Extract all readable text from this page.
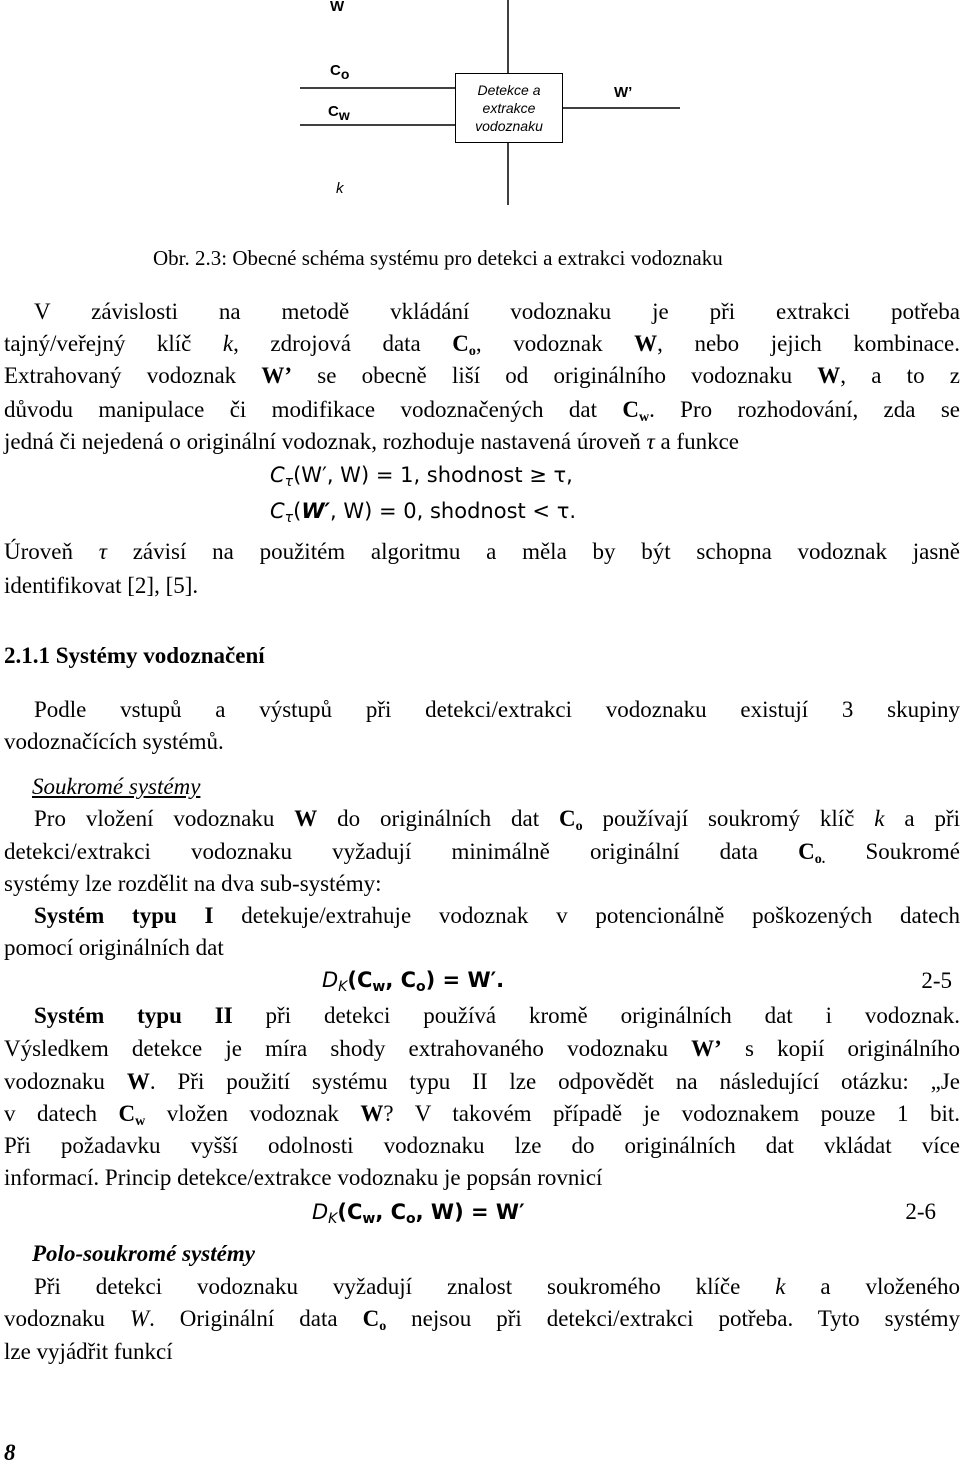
W
$C_o$
$C_w$
k
Detekce a
extrakce
vodoznaku
W’
Obr. 2.3: Obecné schéma systému pro detekci a extrakci vodoznaku
V závislosti na metodě vkládání vodoznaku je při extrakci potřeba
tajný/veřejný klíč k, zdrojová data $C_o$, vodoznak W, nebo jejich kombinace.
Extrahovaný vodoznak W’ se obecně liší od originálního vodoznaku W, a to z
důvodu manipulace či modifikace vodoznačených dat $C_w$. Pro rozhodování, zda se
jedná či nejedená o originální vodoznak, rozhoduje nastavená úroveň τ a funkce
$C_\tau(W'$, W) = 1, shodnost ≥ τ,
$C_\tau(W'$, W) = 0, shodnost < τ.
Úroveň τ závisí na použitém algoritmu a měla by být schopna vodoznak jasně
identifikovat [2], [5].
2.1.1 Systémy vodoznačení
Podle vstupů a výstupů při detekci/extrakci vodoznaku existují 3 skupiny
vodoznačících systémů.
Soukromé systémy
Pro vložení vodoznaku W do originálních dat $C_o$ používají soukromý klíč k a při
detekci/extrakci vodoznaku vyžadují minimálně originální data $C_{o.}$ Soukromé
systémy lze rozdělit na dva sub-systémy:
Systém typu I detekuje/extrahuje vodoznak v potencionálně poškozených datech
pomocí originálních dat
$D_K(C_w$, $C_o) = W'$.	2-5
Systém typu II při detekci používá kromě originálních dat i vodoznak.
Výsledkem detekce je míra shody extrahovaného vodoznaku W’ s kopií originálního
vodoznaku W. Při použití systému typu II lze odpovědět na následující otázku: „Je
v datech $C_w$ vložen vodoznak W? V takovém případě je vodoznakem pouze 1 bit.
Při požadavku vyšší odolnosti vodoznaku lze do originálních dat vkládat více
informací. Princip detekce/extrakce vodoznaku je popsán rovnicí
$D_K(C_w$, $C_o$, W) = W′	2-6
Polo-soukromé systémy
Při detekci vodoznaku vyžadují znalost soukromého klíče k a vloženého
vodoznaku W. Originální data $C_o$ nejsou při detekci/extrakci potřeba. Tyto systémy
lze vyjádřit funkcí
8
